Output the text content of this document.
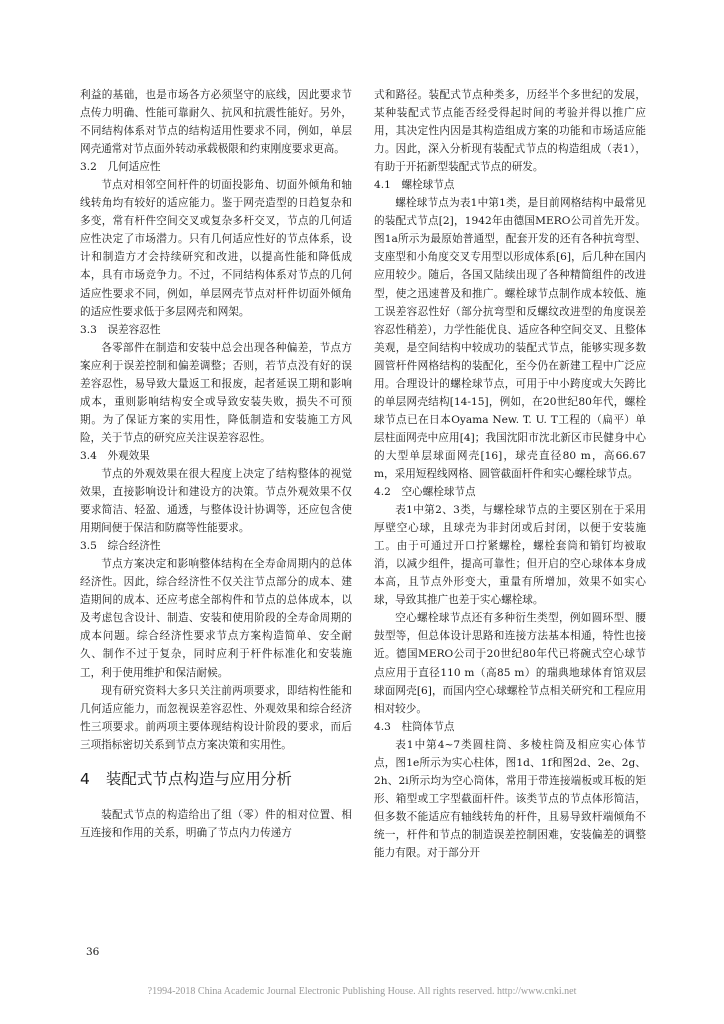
利益的基础，也是市场各方必须坚守的底线，因此要求节点传力明确、性能可靠耐久、抗风和抗震性能好。另外，不同结构体系对节点的结构适用性要求不同，例如，单层网壳通常对节点面外转动承载极限和约束刚度要求更高。

3.2　几何适应性

节点对相邻空间杆件的切面投影角、切面外倾角和轴线转角均有较好的适应能力。鉴于网壳造型的日趋复杂和多变，常有杆件空间交叉或复杂多杆交叉，节点的几何适应性决定了市场潜力。只有几何适应性好的节点体系，设计和制造方才会持续研究和改进，以提高性能和降低成本，具有市场竞争力。不过，不同结构体系对节点的几何适应性要求不同，例如，单层网壳节点对杆件切面外倾角的适应性要求低于多层网壳和网架。

3.3　误差容忍性

各零部件在制造和安装中总会出现各种偏差，节点方案应利于误差控制和偏差调整；否则，若节点没有好的误差容忍性，易导致大量返工和报废，起者延误工期和影响成本，重则影响结构安全或导致安装失败，损失不可预期。为了保证方案的实用性，降低制造和安装施工方风险，关于节点的研究应关注误差容忍性。

3.4　外观效果

节点的外观效果在很大程度上决定了结构整体的视觉效果，直接影响设计和建设方的决策。节点外观效果不仅要求简洁、轻盈、通透，与整体设计协调等，还应包含使用期间便于保洁和防腐等性能要求。

3.5　综合经济性

节点方案决定和影响整体结构在全寿命周期内的总体经济性。因此，综合经济性不仅关注节点部分的成本、建造期间的成本、还应考虑全部构件和节点的总体成本，以及考虑包含设计、制造、安装和使用阶段的全寿命周期的成本问题。综合经济性要求节点方案构造简单、安全耐久、制作不过于复杂，同时应利于杆件标准化和安装施工，利于使用维护和保洁耐候。

现有研究资料大多只关注前两项要求，即结构性能和几何适应能力，而忽视误差容忍性、外观效果和综合经济性三项要求。前两项主要体现结构设计阶段的要求，而后三项指标密切关系到节点方案决策和实用性。

4 装配式节点构造与应用分析

装配式节点的构造给出了组（零）件的相对位置、相互连接和作用的关系，明确了节点内力传递方

式和路径。装配式节点种类多，历经半个多世纪的发展，某种装配式节点能否经受得起时间的考验并得以推广应用，其决定性内因是其构造组成方案的功能和市场适应能力。因此，深入分析现有装配式节点的构造组成（表1），有助于开拓新型装配式节点的研发。

4.1　螺栓球节点

螺栓球节点为表1中第1类，是目前网格结构中最常见的装配式节点[2]，1942年由德国MERO公司首先开发。图1a所示为最原始普通型，配套开发的还有各种抗弯型、支座型和小角度交叉专用型以形成体系[6]，后几种在国内应用较少。随后，各国又陆续出现了各种精简组件的改进型，使之迅速普及和推广。螺栓球节点制作成本较低、施工误差容忍性好（部分抗弯型和反螺纹改进型的角度误差容忍性稍差），力学性能优良、适应各种空间交叉、且整体美观，是空间结构中较成功的装配式节点，能够实现多数圆管杆件网格结构的装配化，至今仍在新建工程中广泛应用。合理设计的螺栓球节点，可用于中小跨度或大矢跨比的单层网壳结构[14-15]，例如，在20世纪80年代，螺栓球节点已在日本Oyama New. T. U. T工程的（扁平）单层柱面网壳中应用[4]；我国沈阳市沈北新区市民健身中心的大型单层球面网壳[16]，球壳直径80 m，高66.67 m，采用短程线网格、圆管截面杆件和实心螺栓球节点。

4.2　空心螺栓球节点

表1中第2、3类，与螺栓球节点的主要区别在于采用厚壁空心球，且球壳为非封闭或后封闭，以便于安装施工。由于可通过开口拧紧螺栓，螺栓套筒和销钉均被取消，以减少组件，提高可靠性；但开启的空心球体本身成本高，且节点外形变大，重量有所增加，效果不如实心球，导致其推广也差于实心螺栓球。

空心螺栓球节点还有多种衍生类型，例如圆环型、腰鼓型等，但总体设计思路和连接方法基本相通，特性也接近。德国MERO公司于20世纪80年代已将碗式空心球节点应用于直径110 m（高85 m）的瑞典地球体育馆双层球面网壳[6]，而国内空心球螺栓节点相关研究和工程应用相对较少。

4.3　柱筒体节点

表1中第4~7类圆柱筒、多棱柱筒及相应实心体节点，图1e所示为实心柱体，图1d、1f和图2d、2e、2g、2h、2i所示均为空心筒体，常用于带连接端板或耳板的矩形、箱型或工字型截面杆件。该类节点的节点体形简洁，但多数不能适应有轴线转角的杆件，且易导致杆端倾角不统一，杆件和节点的制造误差控制困难，安装偏差的调整能力有限。对于部分开

36
?1994-2018 China Academic Journal Electronic Publishing House. All rights reserved. http://www.cnki.net
